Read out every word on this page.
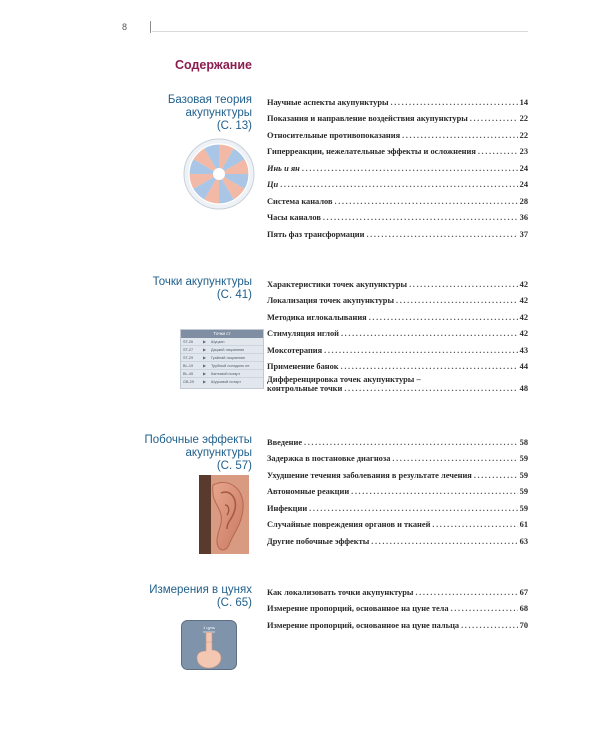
8
Содержание
Базовая теория
акупунктуры
(С. 13)
Научные аспекты акупунктуры .....	14
Показания и направление воздействия акупунктуры .....	22
Относительные противопоказания .....	22
Гиперреакции, нежелательные эффекты и осложнения .....	23
Инь и ян .....	24
Ци .....	24
Система каналов .....	28
Часы каналов .....	36
Пять фаз трансформации .....	37
Точки акупунктуры
(С. 41)
Точки ст
ST-26	▶	Шуцзин
ST-27	▶	Дацзюй лицзяннян
ST-29	▶	Гуайлай лицзяннян
BL-19	▶	Трубный лоподоль ее
BL-45	▶	Кантовой потарт
GB-29	▶	Шууковой потарт
Характеристики точек акупунктуры .....	42
Локализация точек акупунктуры .....	42
Методика иглокалывания .....	42
Стимуляция иглой .....	42
Моксотерапия .....	43
Применение банок .....	44
Дифференцировка точек акупунктуры –
контрольные точки .....	48
Побочные эффекты
акупунктуры
(С. 57)
Введение .....	58
Задержка в постановке диагноза .....	59
Ухудшение течения заболевания в результате лечения .....	59
Автономные реакции .....	59
Инфекции .....	59
Случайные повреждения органов и тканей .....	61
Другие побочные эффекты .....	63
Измерения в цунях
(С. 65)
1 цунь
Как локализовать точки акупунктуры .....	67
Измерение пропорций, основанное на цуне тела .....	68
Измерение пропорций, основанное на цуне пальца .....	70
